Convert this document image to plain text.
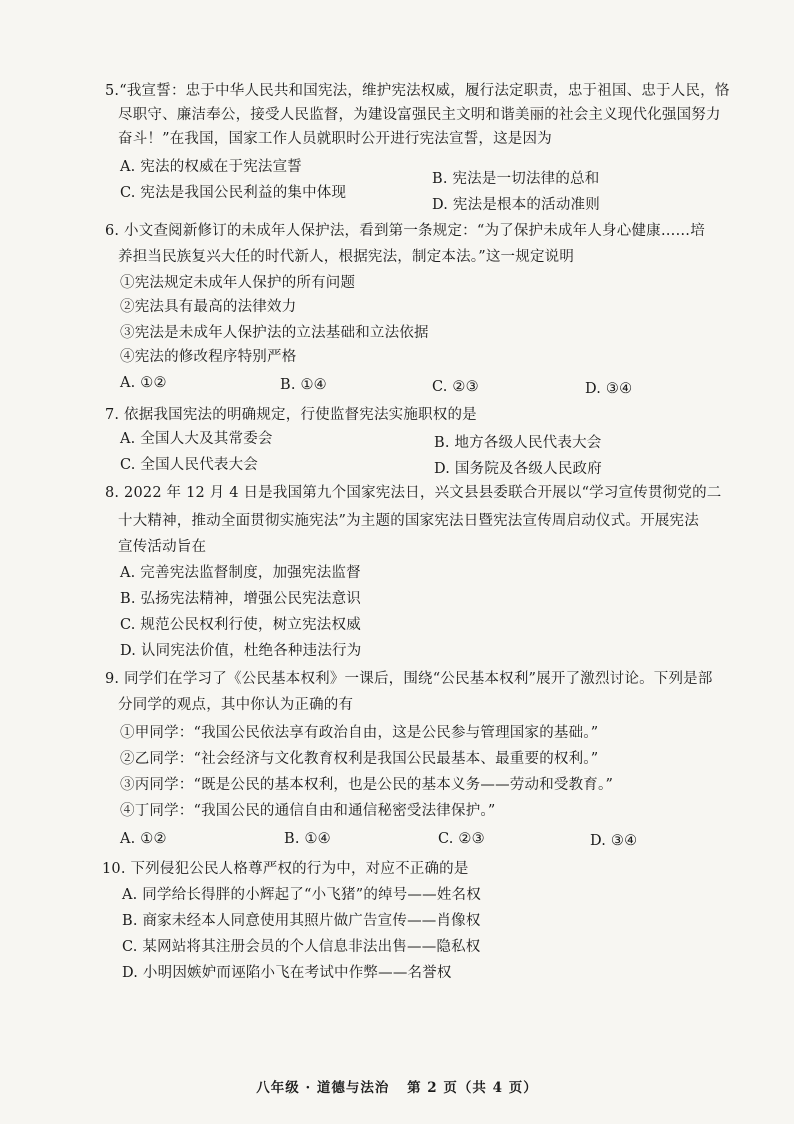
5.“我宣誓：忠于中华人民共和国宪法，维护宪法权威，履行法定职责，忠于祖国、忠于人民，恪
尽职守、廉洁奉公，接受人民监督，为建设富强民主文明和谐美丽的社会主义现代化强国努力
奋斗！”在我国，国家工作人员就职时公开进行宪法宣誓，这是因为
A. 宪法的权威在于宪法宣誓
B. 宪法是一切法律的总和
C. 宪法是我国公民利益的集中体现
D. 宪法是根本的活动准则
6. 小文查阅新修订的未成年人保护法，看到第一条规定：“为了保护未成年人身心健康……培
养担当民族复兴大任的时代新人，根据宪法，制定本法。”这一规定说明
①宪法规定未成年人保护的所有问题
②宪法具有最高的法律效力
③宪法是未成年人保护法的立法基础和立法依据
④宪法的修改程序特别严格
A. ①②	B. ①④	C. ②③	D. ③④
7. 依据我国宪法的明确规定，行使监督宪法实施职权的是
A. 全国人大及其常委会	B. 地方各级人民代表大会
C. 全国人民代表大会	D. 国务院及各级人民政府
8. 2022 年 12 月 4 日是我国第九个国家宪法日，兴文县县委联合开展以“学习宣传贯彻党的二
十大精神，推动全面贯彻实施宪法”为主题的国家宪法日暨宪法宣传周启动仪式。开展宪法
宣传活动旨在
A. 完善宪法监督制度，加强宪法监督
B. 弘扬宪法精神，增强公民宪法意识
C. 规范公民权利行使，树立宪法权威
D. 认同宪法价值，杜绝各种违法行为
9. 同学们在学习了《公民基本权利》一课后，围绕“公民基本权利”展开了激烈讨论。下列是部
分同学的观点，其中你认为正确的有
①甲同学：“我国公民依法享有政治自由，这是公民参与管理国家的基础。”
②乙同学：“社会经济与文化教育权利是我国公民最基本、最重要的权利。”
③丙同学：“既是公民的基本权利，也是公民的基本义务——劳动和受教育。”
④丁同学：“我国公民的通信自由和通信秘密受法律保护。”
A. ①②	B. ①④	C. ②③	D. ③④
10. 下列侵犯公民人格尊严权的行为中，对应不正确的是
A. 同学给长得胖的小辉起了“小飞猪”的绰号——姓名权
B. 商家未经本人同意使用其照片做广告宣传——肖像权
C. 某网站将其注册会员的个人信息非法出售——隐私权
D. 小明因嫉妒而诬陷小飞在考试中作弊——名誉权
八年级 · 道德与法治 第 2 页（共 4 页）
